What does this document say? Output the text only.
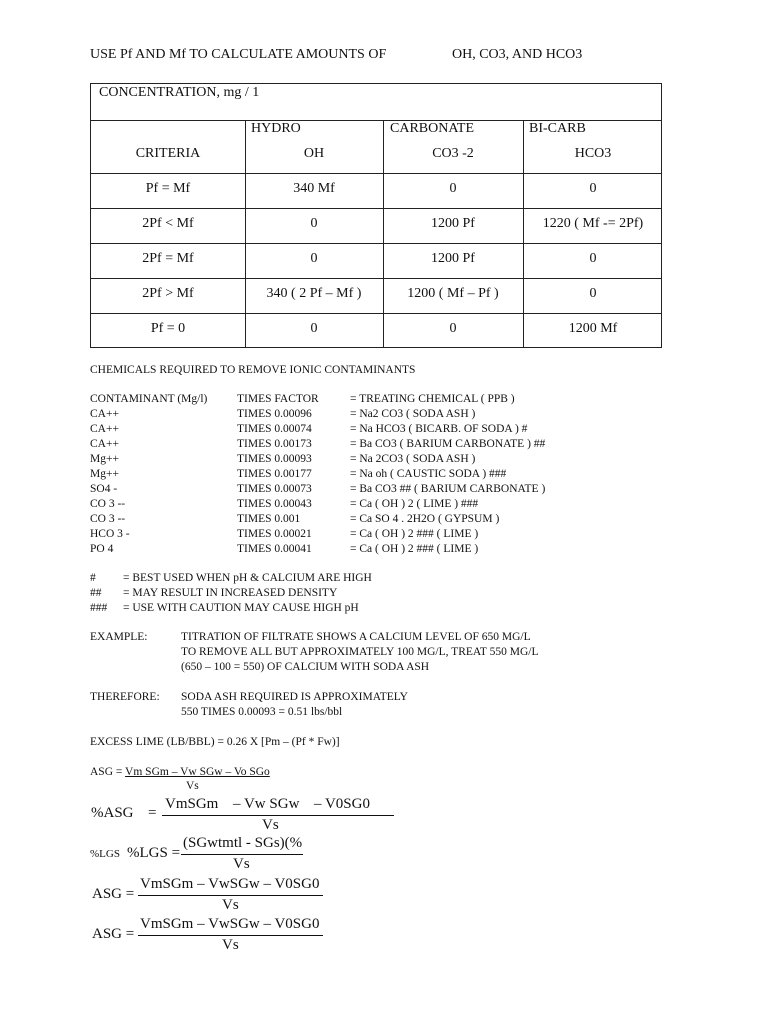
USE Pf AND Mf TO CALCULATE AMOUNTS OF	OH, CO3, AND HCO3
CONCENTRATION, mg / 1
HYDRO	CARBONATE	BI-CARB
CRITERIA	OH	CO3 -2	HCO3
Pf = Mf	340 Mf	0	0
2Pf < Mf	0	1200 Pf	1220 ( Mf -= 2Pf)
2Pf = Mf	0	1200 Pf	0
2Pf > Mf	340 ( 2 Pf – Mf )	1200 ( Mf – Pf )	0
Pf = 0	0	0	1200 Mf
CHEMICALS REQUIRED TO REMOVE IONIC CONTAMINANTS
CONTAMINANT (Mg/l)	TIMES FACTOR	= TREATING CHEMICAL ( PPB )
CA++	TIMES 0.00096	= Na2 CO3 ( SODA ASH )
CA++	TIMES 0.00074	= Na HCO3 ( BICARB. OF SODA ) #
CA++	TIMES 0.00173	= Ba CO3 ( BARIUM CARBONATE ) ##
Mg++	TIMES 0.00093	= Na 2CO3 ( SODA ASH )
Mg++	TIMES 0.00177	= Na oh ( CAUSTIC SODA ) ###
SO4 -	TIMES 0.00073	= Ba CO3 ## ( BARIUM CARBONATE )
CO 3 --	TIMES 0.00043	= Ca ( OH ) 2 ( LIME ) ###
CO 3 --	TIMES 0.001	= Ca SO 4 . 2H2O ( GYPSUM )
HCO 3 -	TIMES 0.00021	= Ca ( OH ) 2 ### ( LIME )
PO 4	TIMES 0.00041	= Ca ( OH ) 2 ### ( LIME )
# = BEST USED WHEN pH & CALCIUM ARE HIGH
## = MAY RESULT IN INCREASED DENSITY
### = USE WITH CAUTION MAY CAUSE HIGH pH
EXAMPLE:	TITRATION OF FILTRATE SHOWS A CALCIUM LEVEL OF 650 MG/L
TO REMOVE ALL BUT APPROXIMATELY 100 MG/L, TREAT 550 MG/L
(650 – 100 = 550) OF CALCIUM WITH SODA ASH
THEREFORE: SODA ASH REQUIRED IS APPROXIMATELY
550 TIMES 0.00093 = 0.51 lbs/bbl
EXCESS LIME (LB/BBL) = 0.26 X [Pm – (Pf * Fw)]
ASG = Vm SGm – Vw SGw – Vo SGo
Vs
%ASG =
VmSGm – Vw SGw – V0SG0
Vs
%LGS %LGS =
(SGwtmtl - SGs)(%
Vs
ASG =
VmSGm – VwSGw – V0SG0
Vs
ASG =
VmSGm – VwSGw – V0SG0
Vs
